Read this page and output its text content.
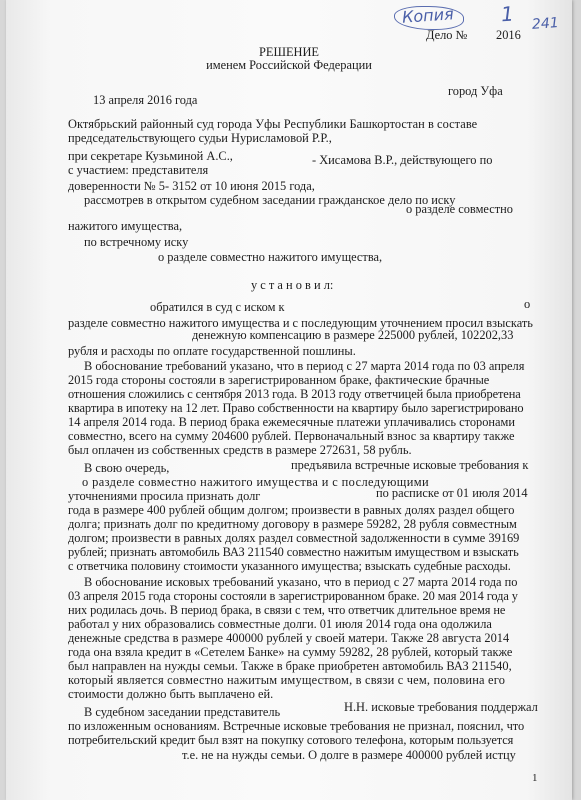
Копия 1 241
Дело № 2016
РЕШЕНИЕ
именем Российской Федерации
13 апреля 2016 года
город Уфа
Октябрьский районный суд города Уфы Республики Башкортостан в составе
председательствующего судьи Нурисламовой Р.Р.,
при секретаре Кузьминой А.С.,
с участием: представителя
- Хисамова В.Р., действующего по
доверенности № 5- 3152 от 10 июня 2015 года,
рассмотрев в открытом судебном заседании гражданское дело по иску
о разделе совместно
нажитого имущества,
по встречному иску
о разделе совместно нажитого имущества,
у с т а н о в и л:
обратился в суд с иском к	о
разделе совместно нажитого имущества и с последующим уточнением просил взыскать
денежную компенсацию в размере 225000 рублей, 102202,33
рубля и расходы по оплате государственной пошлины.
В обоснование требований указано, что в период с 27 марта 2014 года по 03 апреля
2015 года стороны состояли в зарегистрированном браке, фактические брачные
отношения сложились с сентября 2013 года. В 2013 году ответчицей была приобретена
квартира в ипотеку на 12 лет. Право собственности на квартиру было зарегистрировано
14 апреля 2014 года. В период брака ежемесячные платежи уплачивались сторонами
совместно, всего на сумму 204600 рублей. Первоначальный взнос за квартиру также
был оплачен из собственных средств в размере 272631, 58 рубль.
В свою очередь,	предъявила встречные исковые требования к
о разделе совместно нажитого имущества и с последующими
уточнениями просила признать долг	по расписке от 01 июля 2014
года в размере 400 рублей общим долгом; произвести в равных долях раздел общего
долга; признать долг по кредитному договору в размере 59282, 28 рубля совместным
долгом; произвести в равных долях раздел совместной задолженности в сумме 39169
рублей; признать автомобиль ВАЗ 211540 совместно нажитым имуществом и взыскать
с ответчика половину стоимости указанного имущества; взыскать судебные расходы.
В обоснование исковых требований указано, что в период с 27 марта 2014 года по
03 апреля 2015 года стороны состояли в зарегистрированном браке. 20 мая 2014 года у
них родилась дочь. В период брака, в связи с тем, что ответчик длительное время не
работал у них образовались совместные долги. 01 июля 2014 года она одолжила
денежные средства в размере 400000 рублей у своей матери. Также 28 августа 2014
года она взяла кредит в «Сетелем Банке» на сумму 59282, 28 рублей, который также
был направлен на нужды семьи. Также в браке приобретен автомобиль ВАЗ 211540,
который является совместно нажитым имуществом, в связи с чем, половина его
стоимости должно быть выплачено ей.
В судебном заседании представитель	Н.Н. исковые требования поддержал
по изложенным основаниям. Встречные исковые требования не признал, пояснил, что
потребительский кредит был взят на покупку сотового телефона, которым пользуется
т.е. не на нужды семьи. О долге в размере 400000 рублей истцу
1
